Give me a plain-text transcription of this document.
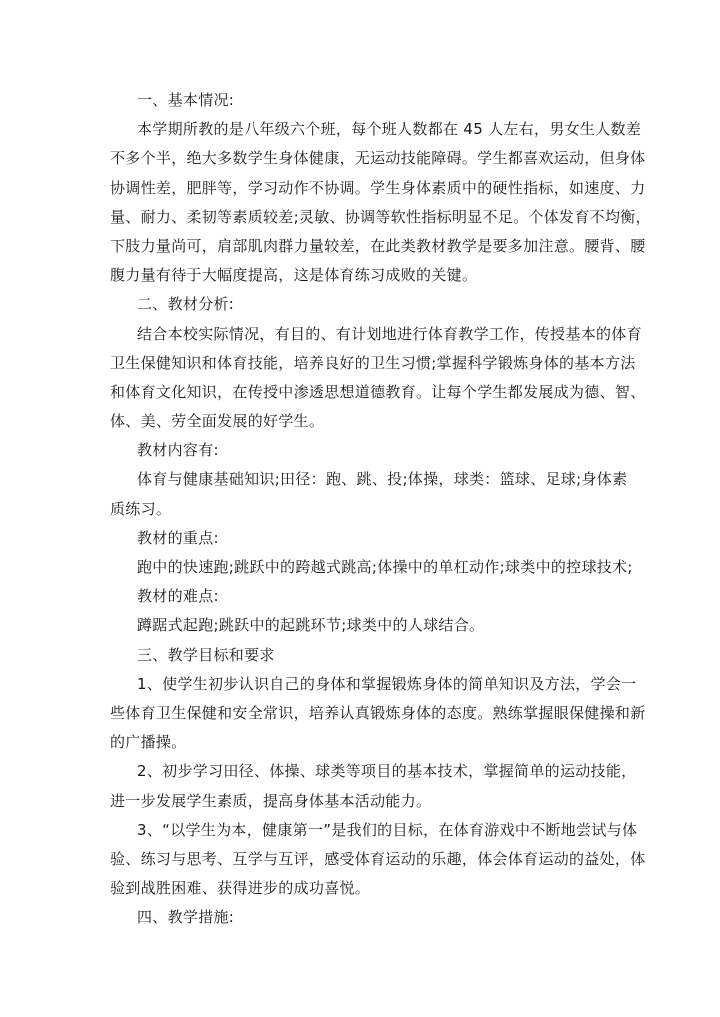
一、基本情况:
本学期所教的是八年级六个班，每个班人数都在 45 人左右，男女生人数差
不多个半，绝大多数学生身体健康，无运动技能障碍。学生都喜欢运动，但身体
协调性差，肥胖等，学习动作不协调。学生身体素质中的硬性指标，如速度、力
量、耐力、柔韧等素质较差;灵敏、协调等软性指标明显不足。个体发育不均衡，
下肢力量尚可，肩部肌肉群力量较差，在此类教材教学是要多加注意。腰背、腰
腹力量有待于大幅度提高，这是体育练习成败的关键。
二、教材分析:
结合本校实际情况，有目的、有计划地进行体育教学工作，传授基本的体育
卫生保健知识和体育技能，培养良好的卫生习惯;掌握科学锻炼身体的基本方法
和体育文化知识，在传授中渗透思想道德教育。让每个学生都发展成为德、智、
体、美、劳全面发展的好学生。
教材内容有:
体育与健康基础知识;田径：跑、跳、投;体操，球类：篮球、足球;身体素
质练习。
教材的重点:
跑中的快速跑;跳跃中的跨越式跳高;体操中的单杠动作;球类中的控球技术;
教材的难点:
蹲踞式起跑;跳跃中的起跳环节;球类中的人球结合。
三、教学目标和要求
1、使学生初步认识自己的身体和掌握锻炼身体的简单知识及方法，学会一
些体育卫生保健和安全常识，培养认真锻炼身体的态度。熟练掌握眼保健操和新
的广播操。
2、初步学习田径、体操、球类等项目的基本技术，掌握简单的运动技能，
进一步发展学生素质，提高身体基本活动能力。
3、“以学生为本，健康第一”是我们的目标，在体育游戏中不断地尝试与体
验、练习与思考、互学与互评，感受体育运动的乐趣，体会体育运动的益处，体
验到战胜困难、获得进步的成功喜悦。
四、教学措施:
